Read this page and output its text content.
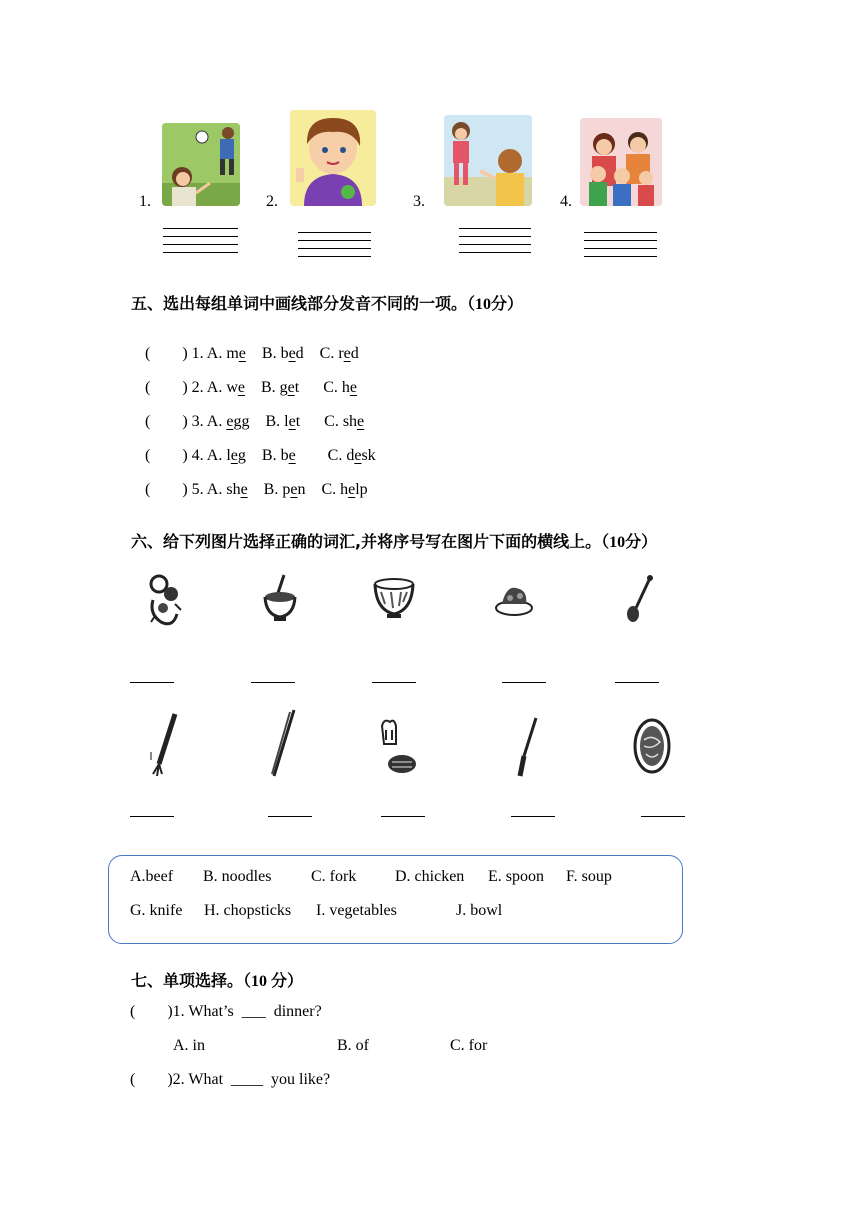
1.	2.	3.	4.
五、选出每组单词中画线部分发音不同的一项。（10分）

(        ) 1. A. me B. bed C. red

(        ) 2. A. we B. get C. he

(        ) 3. A. egg B. let C. she

(        ) 4. A. leg B. be C. desk

(        ) 5. A. she B. pen C. help

六、给下列图片选择正确的词汇,并将序号写在图片下面的横线上。（10分）
A.beef B. noodles C. fork D. chicken E. spoon F. soup
G. knife H. chopsticks I. vegetables	J. bowl
七、单项选择。（10 分）
(        )1. What’s ___ dinner?
A. in	B. of	C. for
(        )2. What ____ you like?
